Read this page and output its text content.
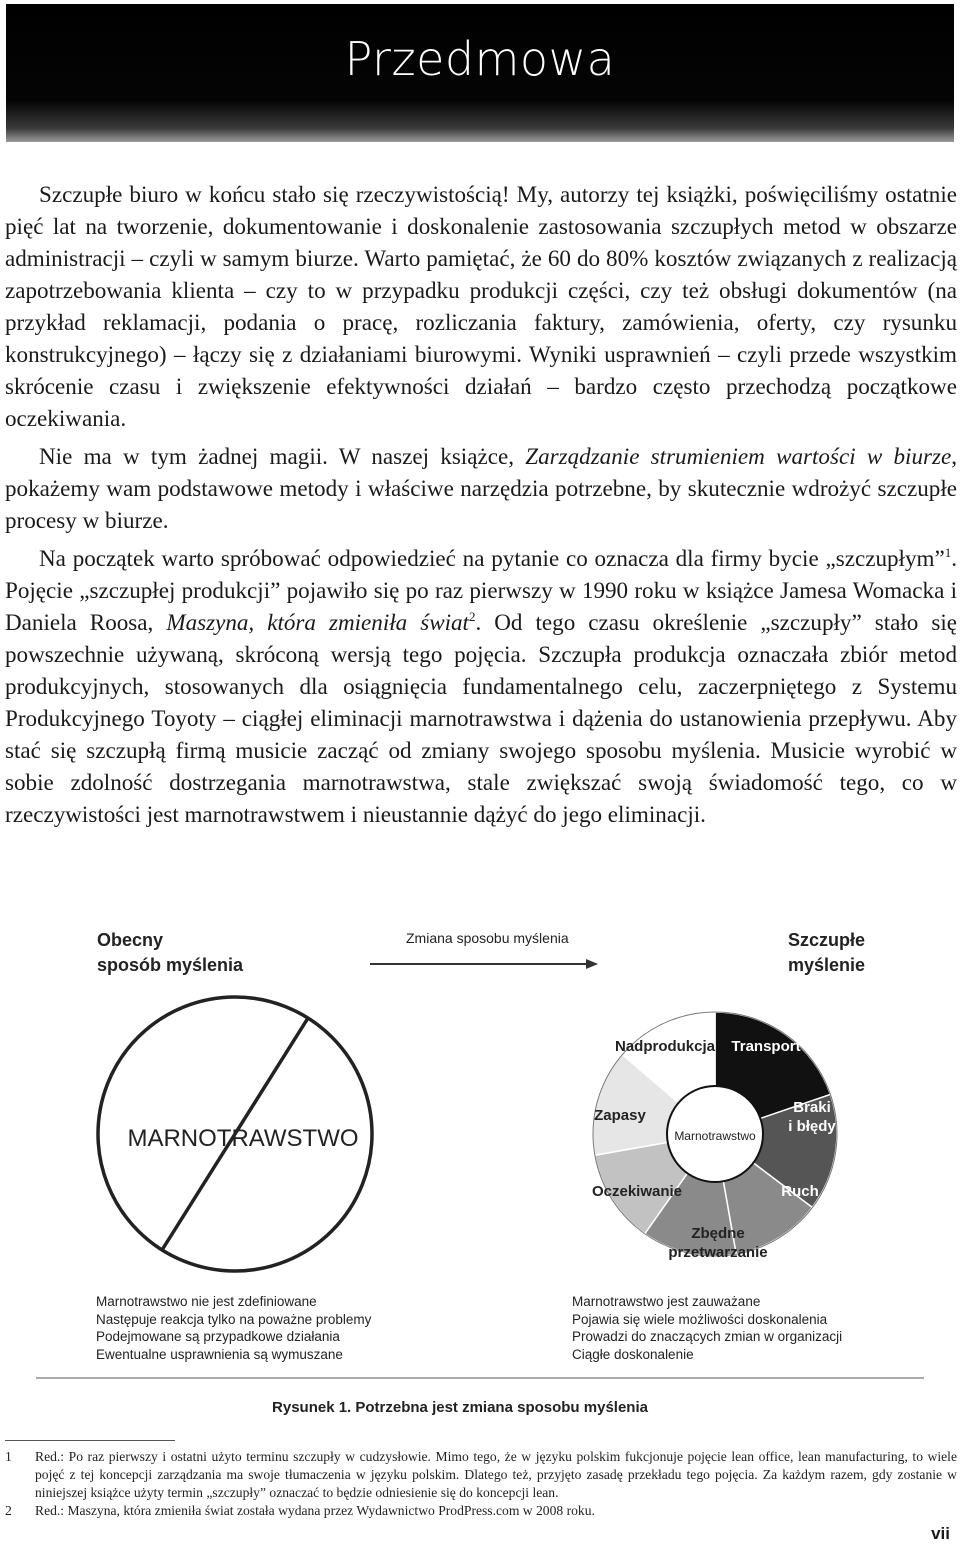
Przedmowa

Szczupłe biuro w końcu stało się rzeczywistością! My, autorzy tej książki, poświęciliśmy ostatnie pięć lat na tworzenie, dokumentowanie i doskonalenie zastosowania szczupłych metod w obszarze administracji – czyli w samym biurze. Warto pamiętać, że 60 do 80% kosztów związanych z realizacją zapotrzebowania klienta – czy to w przypadku produkcji części, czy też obsługi dokumentów (na przykład reklamacji, podania o pracę, rozliczania faktury, zamówienia, oferty, czy rysunku konstrukcyjnego) – łączy się z działaniami biurowymi. Wyniki usprawnień – czyli przede wszystkim skrócenie czasu i zwiększenie efektywności działań – bardzo często przechodzą początkowe oczekiwania.

Nie ma w tym żadnej magii. W naszej książce, Zarządzanie strumieniem wartości w biurze, pokażemy wam podstawowe metody i właściwe narzędzia potrzebne, by skutecznie wdrożyć szczupłe procesy w biurze.

Na początek warto spróbować odpowiedzieć na pytanie co oznacza dla firmy bycie „szczupłym”$^1$. Pojęcie „szczupłej produkcji” pojawiło się po raz pierwszy w 1990 roku w książce Jamesa Womacka i Daniela Roosa, Maszyna, która zmieniła świat$^2$. Od tego czasu określenie „szczupły” stało się powszechnie używaną, skróconą wersją tego pojęcia. Szczupła produkcja oznaczała zbiór metod produkcyjnych, stosowanych dla osiągnięcia fundamentalnego celu, zaczerpniętego z Systemu Produkcyjnego Toyoty – ciągłej eliminacji marnotrawstwa i dążenia do ustanowienia przepływu. Aby stać się szczupłą firmą musicie zacząć od zmiany swojego sposobu myślenia. Musicie wyrobić w sobie zdolność dostrzegania marnotrawstwa, stale zwiększać swoją świadomość tego, co w rzeczywistości jest marnotrawstwem i nieustannie dążyć do jego eliminacji.

Obecny
sposób myślenia
Szczupłe
myślenie
Zmiana sposobu myślenia
MARNOTRAWSTWO
Nadprodukcja Transport
Braki
i błędy
Ruch
Zbędne
przetwarzanie
Oczekiwanie
Zapasy
Marnotrawstwo
Marnotrawstwo nie jest zdefiniowane
Następuje reakcja tylko na poważne problemy
Podejmowane są przypadkowe działania
Ewentualne usprawnienia są wymuszane
Marnotrawstwo jest zauważane
Pojawia się wiele możliwości doskonalenia
Prowadzi do znaczących zmian w organizacji
Ciągłe doskonalenie
Rysunek 1. Potrzebna jest zmiana sposobu myślenia
1 Red.: Po raz pierwszy i ostatni użyto terminu szczupły w cudzysłowie. Mimo tego, że w języku polskim fukcjonuje pojęcie lean office, lean manufacturing, to wiele pojęć z tej koncepcji zarządzania ma swoje tłumaczenia w języku polskim. Dlatego też, przyjęto zasadę przekładu tego pojęcia. Za każdym razem, gdy zostanie w niniejszej książce użyty termin „szczupły” oznaczać to będzie odniesienie się do koncepcji lean.
2 Red.: Maszyna, która zmieniła świat została wydana przez Wydawnictwo ProdPress.com w 2008 roku.
vii
